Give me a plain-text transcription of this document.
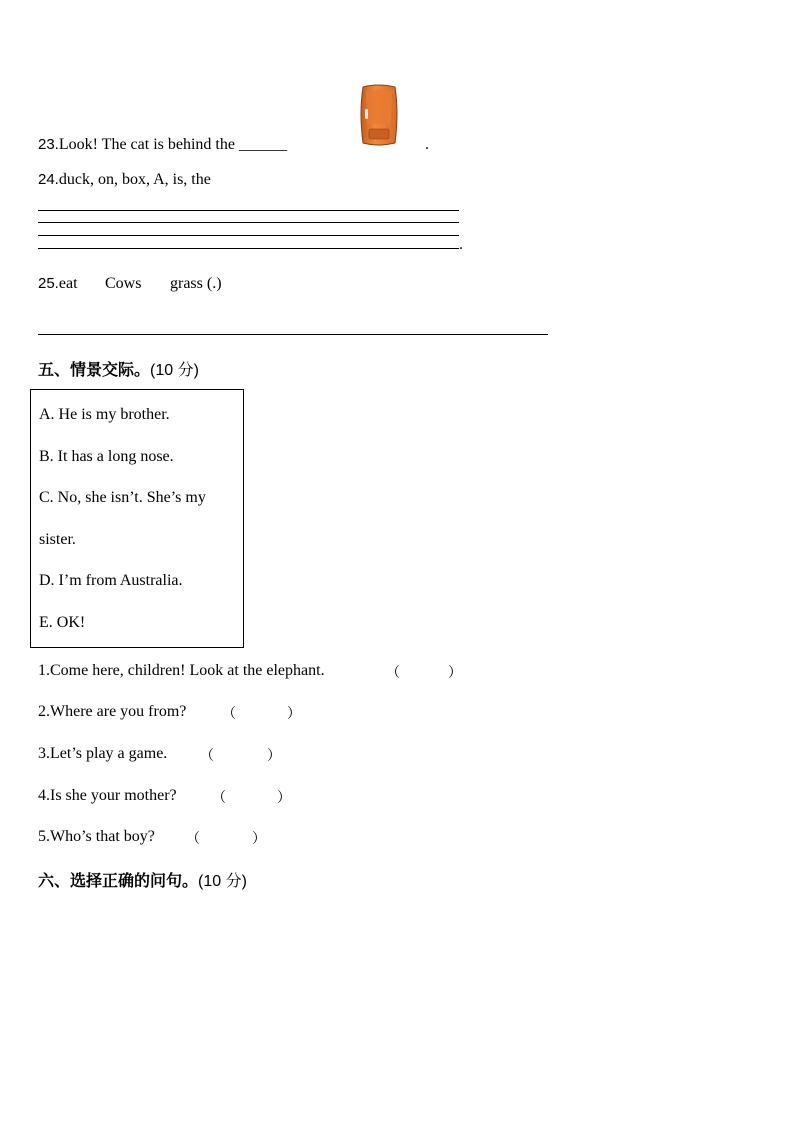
23.Look! The cat is behind the ______	.
24.duck, on, box, A, is, the
.
25.eat Cows grass (.)
五、情景交际。(10 分)
A. He is my brother.
B. It has a long nose.
C. No, she isn’t. She’s my
sister.
D. I’m from Australia.
E. OK!
1.Come here, children! Look at the elephant.	（	）
2.Where are you from?	（	）
3.Let’s play a game. （	）
4.Is she your mother?	（	）
5.Who’s that boy? （	）
六、选择正确的问句。(10 分)
